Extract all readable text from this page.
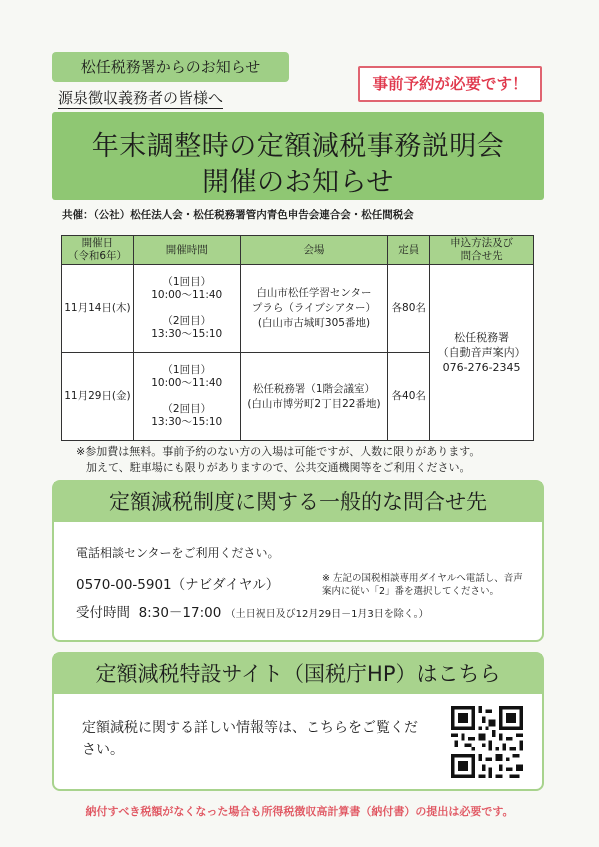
松任税務署からのお知らせ
源泉徴収義務者の皆様へ
事前予約が必要です！
年末調整時の定額減税事務説明会
開催のお知らせ
共催：（公社）松任法人会・松任税務署管内青色申告会連合会・松任間税会
開催日
（令和6年）	開催時間	会場	定員	申込方法及び
問合せ先
11月14日(木)	（1回目）
10:00～11:40

（2回目）
13:30～15:10	白山市松任学習センター
プラら（ライブシアター）
(白山市古城町305番地)	各80名	松任税務署
（自動音声案内）
076-276-2345
11月29日(金)	（1回目）
10:00～11:40

（2回目）
13:30～15:10	松任税務署（1階会議室）
(白山市博労町2丁目22番地)	各40名	
※参加費は無料。事前予約のない方の入場は可能ですが、人数に限りがあります。
加えて、駐車場にも限りがありますので、公共交通機関等をご利用ください。
定額減税制度に関する一般的な問合せ先
電話相談センターをご利用ください。
0570-00-5901（ナビダイヤル）	※ 左記の国税相談専用ダイヤルへ電話し、音声案内に従い「2」番を選択してください。
受付時間 8:30－17:00 （土日祝日及び12月29日－1月3日を除く。）
定額減税特設サイト（国税庁HP）はこちら
定額減税に関する詳しい情報等は、こちらをご覧ください。
納付すべき税額がなくなった場合も所得税徴収高計算書（納付書）の提出は必要です。
